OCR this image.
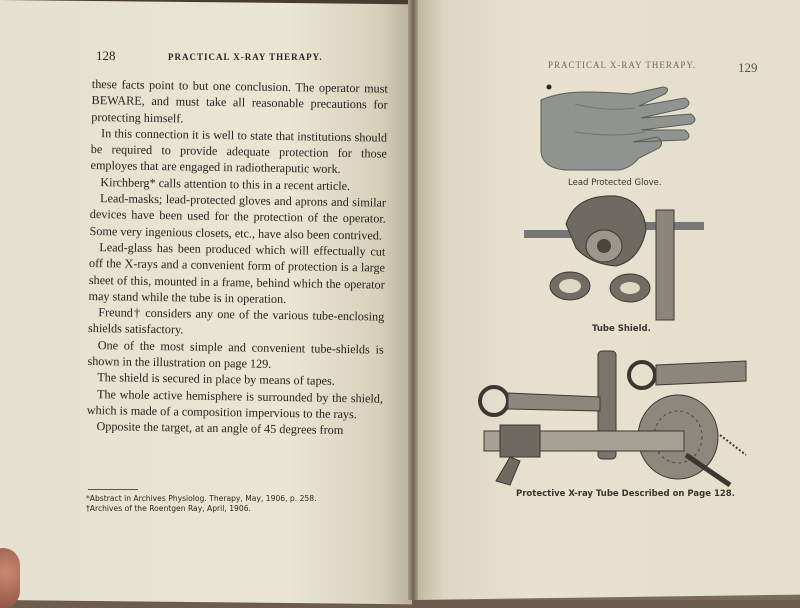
128	PRACTICAL X-RAY THERAPY.

these facts point to but one conclusion. The operator must BEWARE, and must take all reasonable precautions for protecting himself.

In this connection it is well to state that institutions should be required to provide adequate protection for those employes that are engaged in radiotheraputic work.

Kirchberg* calls attention to this in a recent article.

Lead-masks; lead-protected gloves and aprons and similar devices have been used for the protection of the operator. Some very ingenious closets, etc., have also been contrived.

Lead-glass has been produced which will effectually cut off the X-rays and a convenient form of protection is a large sheet of this, mounted in a frame, behind which the operator may stand while the tube is in operation.

Freund† considers any one of the various tube-enclosing shields satisfactory.

One of the most simple and convenient tube-shields is shown in the illustration on page 129.

The shield is secured in place by means of tapes.

The whole active hemisphere is surrounded by the shield, which is made of a composition impervious to the rays.

Opposite the target, at an angle of 45 degrees from

*Abstract in Archives Physiolog. Therapy, May, 1906, p. 258.
†Archives of the Roentgen Ray, April, 1906.
PRACTICAL X-RAY THERAPY.	129
Lead Protected Glove.
Tube Shield.
Protective X-ray Tube Described on Page 128.
